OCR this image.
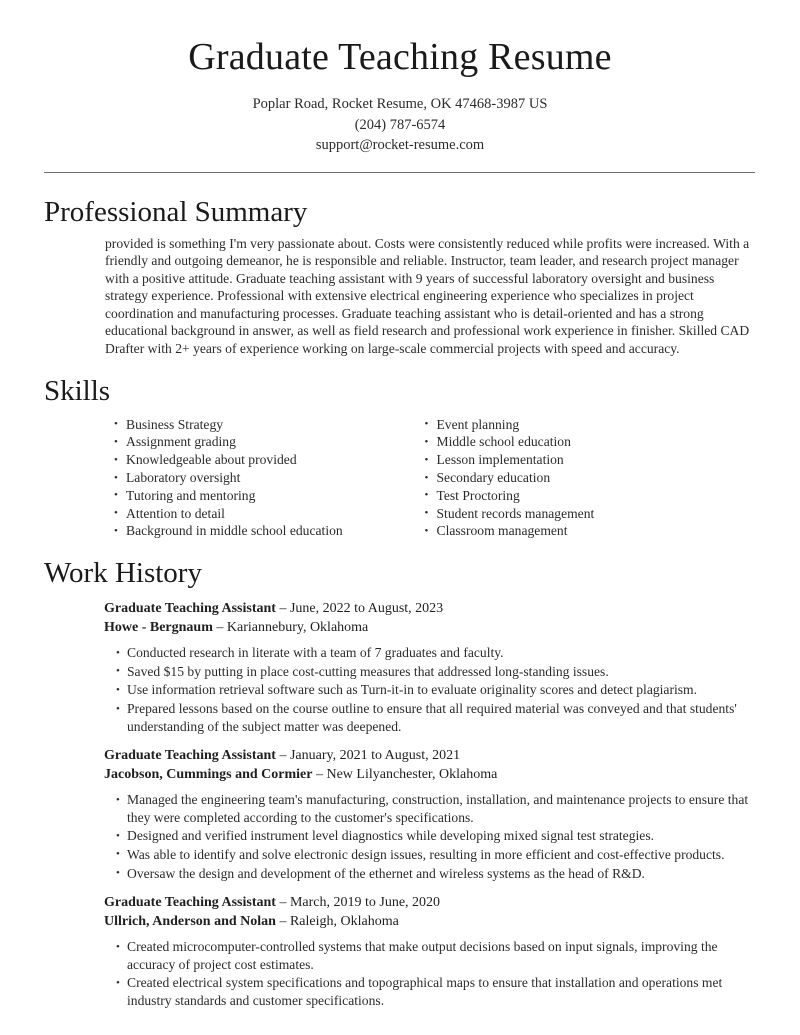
Graduate Teaching Resume
Poplar Road, Rocket Resume, OK 47468-3987 US
(204) 787-6574
support@rocket-resume.com
Professional Summary

provided is something I'm very passionate about. Costs were consistently reduced while profits were increased. With a friendly and outgoing demeanor, he is responsible and reliable. Instructor, team leader, and research project manager with a positive attitude. Graduate teaching assistant with 9 years of successful laboratory oversight and business strategy experience. Professional with extensive electrical engineering experience who specializes in project coordination and manufacturing processes. Graduate teaching assistant who is detail-oriented and has a strong educational background in answer, as well as field research and professional work experience in finisher. Skilled CAD Drafter with 2+ years of experience working on large-scale commercial projects with speed and accuracy.

Skills
• Business Strategy
• Assignment grading
• Knowledgeable about provided
• Laboratory oversight
• Tutoring and mentoring
• Attention to detail
• Background in middle school education
• Event planning
• Middle school education
• Lesson implementation
• Secondary education
• Test Proctoring
• Student records management
• Classroom management
Work History
Graduate Teaching Assistant – June, 2022 to August, 2023
Howe - Bergnaum – Kariannebury, Oklahoma
• Conducted research in literate with a team of 7 graduates and faculty.
• Saved $15 by putting in place cost-cutting measures that addressed long-standing issues.
• Use information retrieval software such as Turn-it-in to evaluate originality scores and detect plagiarism.
• Prepared lessons based on the course outline to ensure that all required material was conveyed and that students' understanding of the subject matter was deepened.
Graduate Teaching Assistant – January, 2021 to August, 2021
Jacobson, Cummings and Cormier – New Lilyanchester, Oklahoma
• Managed the engineering team's manufacturing, construction, installation, and maintenance projects to ensure that they were completed according to the customer's specifications.
• Designed and verified instrument level diagnostics while developing mixed signal test strategies.
• Was able to identify and solve electronic design issues, resulting in more efficient and cost-effective products.
• Oversaw the design and development of the ethernet and wireless systems as the head of R&D.
Graduate Teaching Assistant – March, 2019 to June, 2020
Ullrich, Anderson and Nolan – Raleigh, Oklahoma
• Created microcomputer-controlled systems that make output decisions based on input signals, improving the accuracy of project cost estimates.
• Created electrical system specifications and topographical maps to ensure that installation and operations met industry standards and customer specifications.
